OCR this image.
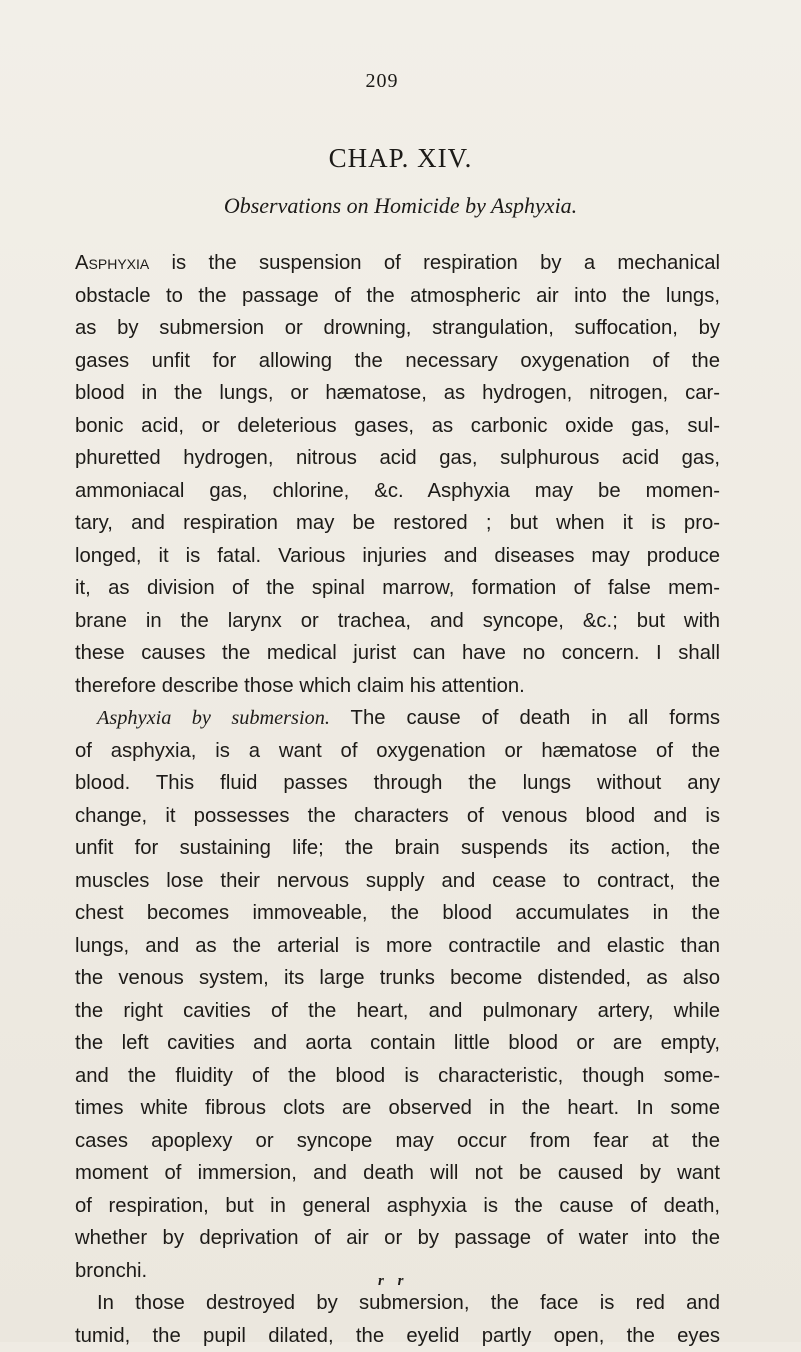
209
CHAP. XIV.
Observations on Homicide by Asphyxia.
Asphyxia is the suspension of respiration by a mechanical
obstacle to the passage of the atmospheric air into the lungs,
as by submersion or drowning, strangulation, suffocation, by
gases unfit for allowing the necessary oxygenation of the
blood in the lungs, or hæmatose, as hydrogen, nitrogen, car-
bonic acid, or deleterious gases, as carbonic oxide gas, sul-
phuretted hydrogen, nitrous acid gas, sulphurous acid gas,
ammoniacal gas, chlorine, &c. Asphyxia may be momen-
tary, and respiration may be restored ; but when it is pro-
longed, it is fatal. Various injuries and diseases may produce
it, as division of the spinal marrow, formation of false mem-
brane in the larynx or trachea, and syncope, &c.; but with
these causes the medical jurist can have no concern. I shall
therefore describe those which claim his attention.
Asphyxia by submersion. The cause of death in all forms
of asphyxia, is a want of oxygenation or hæmatose of the
blood. This fluid passes through the lungs without any
change, it possesses the characters of venous blood and is
unfit for sustaining life; the brain suspends its action, the
muscles lose their nervous supply and cease to contract, the
chest becomes immoveable, the blood accumulates in the
lungs, and as the arterial is more contractile and elastic than
the venous system, its large trunks become distended, as also
the right cavities of the heart, and pulmonary artery, while
the left cavities and aorta contain little blood or are empty,
and the fluidity of the blood is characteristic, though some-
times white fibrous clots are observed in the heart. In some
cases apoplexy or syncope may occur from fear at the
moment of immersion, and death will not be caused by want
of respiration, but in general asphyxia is the cause of death,
whether by deprivation of air or by passage of water into the
bronchi.
In those destroyed by submersion, the face is red and
tumid, the pupil dilated, the eyelid partly open, the eyes
r r
